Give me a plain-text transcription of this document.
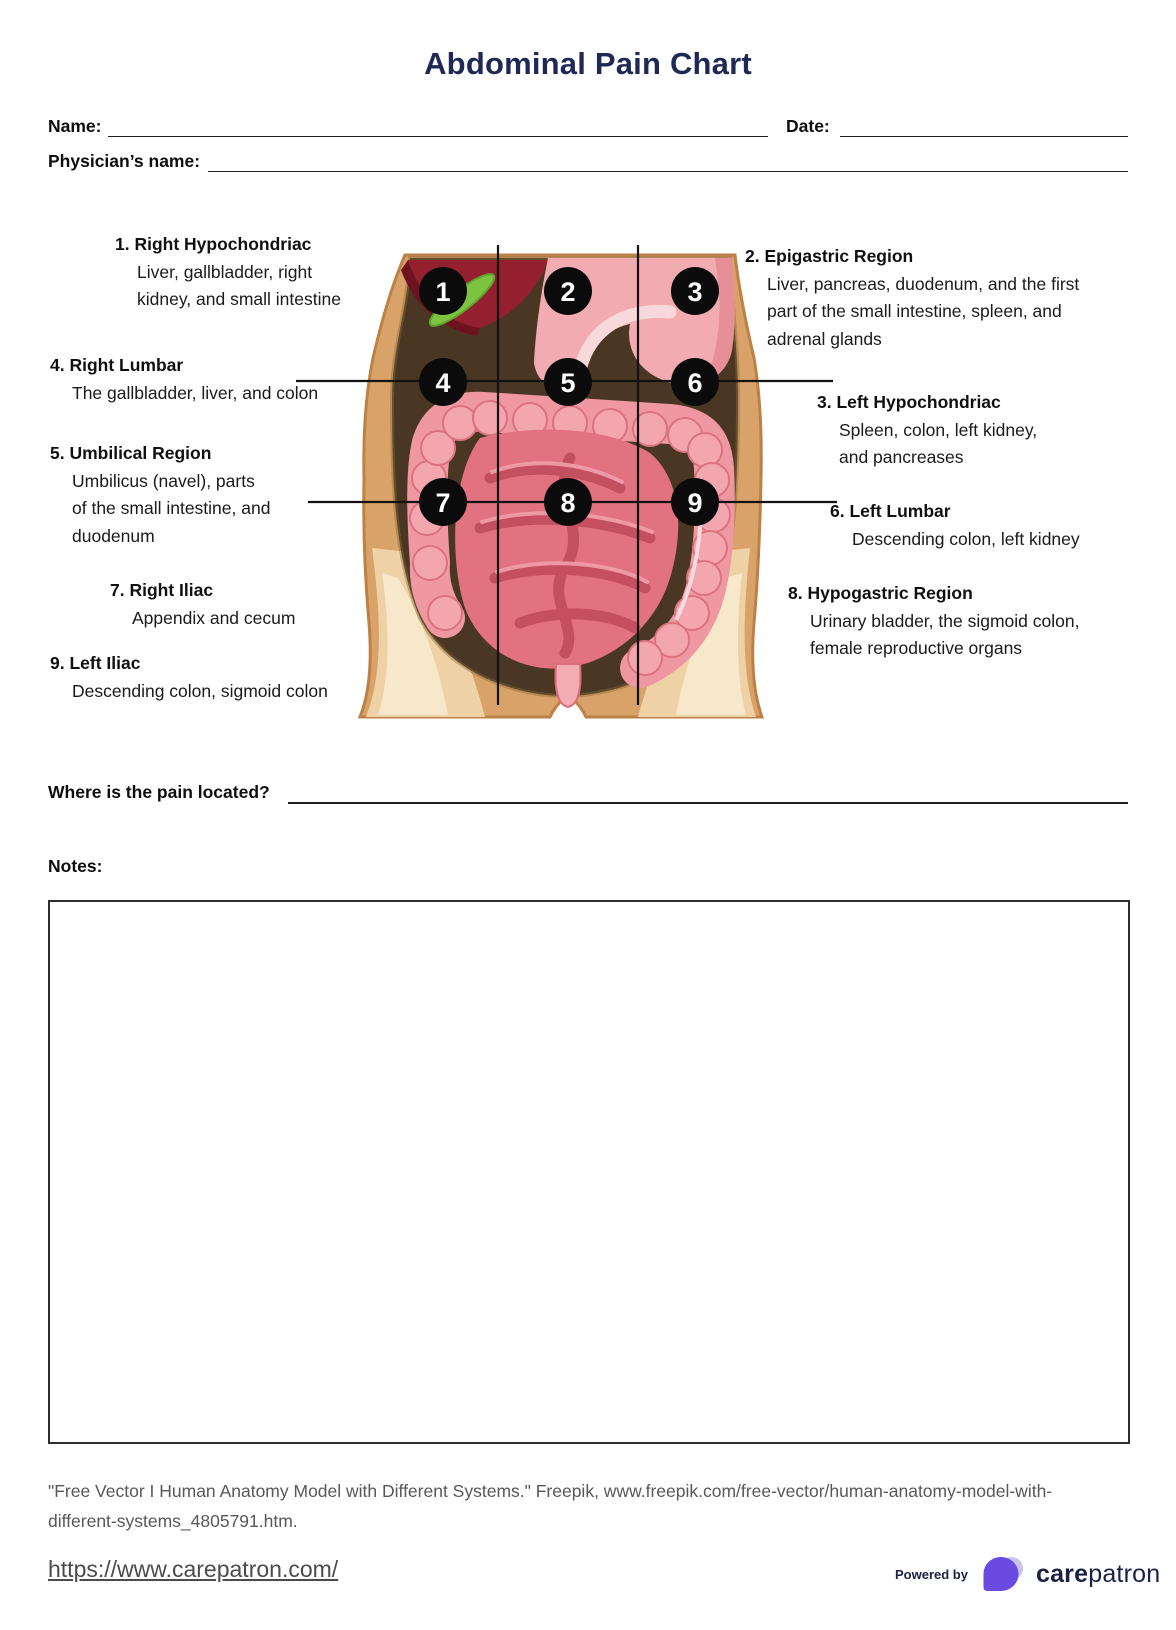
Abdominal Pain Chart
Name:	Date:
Physician’s name:
1. Right Hypochondriac
Liver, gallbladder, right
kidney, and small intestine
4. Right Lumbar
The gallbladder, liver, and colon
5. Umbilical Region
Umbilicus (navel), parts
of the small intestine, and
duodenum
7. Right Iliac
Appendix and cecum
9. Left Iliac
Descending colon, sigmoid colon
2. Epigastric Region
Liver, pancreas, duodenum, and the first
part of the small intestine, spleen, and
adrenal glands
3. Left Hypochondriac
Spleen, colon, left kidney,
and pancreases
6. Left Lumbar
Descending colon, left kidney
8. Hypogastric Region
Urinary bladder, the sigmoid colon,
female reproductive organs
1	2	3
4	5	6
7	8	9
Where is the pain located?
Notes:
"Free Vector I Human Anatomy Model with Different Systems." Freepik, www.freepik.com/free-vector/human-anatomy-model-with-
different-systems_4805791.htm.
https://www.carepatron.com/	Powered by	carepatron
